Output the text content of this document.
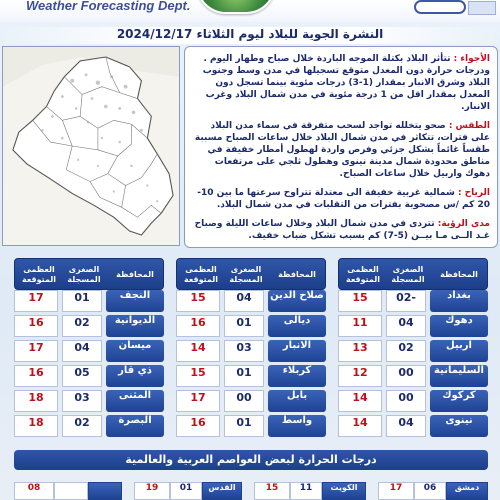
Weather Forecasting Dept.
النشرة الجوية للبلاد ليوم الثلاثاء 2024/12/17
الأجواء : تتأثر البلاد بكتلة الموجه الباردة خلال صباح وطهار اليوم . ودرجات حرارة دون المعدل متوقع تسجيلها في مدن وسط وجنوب البلاد وشرق الانبار بمقدار (1-3) درجات مئوية بينما تسجل دون المعدل بمقدار اقل من 1 درجة مئوية في مدن شمال البلاد وغرب الانبار.
الطقس : صحو يتخلله تواجد لسحب متفرقة في سماء مدن البلاد على فترات، تتكاثر في مدن شمال البلاد خلال ساعات الصباح مسببة طقساً غائماً بشكل جزئي وفرص واردة لهطول أمطار خفيفة في مناطق محدودة شمال مدينة نينوى وهطول ثلجي على مرتفعات دهوك واربيل خلال ساعات الصباح.
الرياح : شمالية غربية خفيفة الى معتدلة تتراوح سرعتها ما بين 10-20 كم /س مصحوبة بفترات من التقلبات في مدن شمال البلاد.
مدى الرؤية: تتردى في مدن شمال البلاد وخلال ساعات الليلة وصباح غـد الــى مـا بيــن (5-7) كم بسبب تشكل ضباب خفيف.
العظمى المتوقعة
الصغرى المسجلة
المحافظة
17	01	النجف
16	02	الديوانية
17	04	ميسان
16	05	ذي قار
18	03	المثنى
18	02	البصرة
العظمى المتوقعة
الصغرى المسجلة
المحافظة
15	04	صلاح الدين
16	01	ديالى
14	03	الانبار
15	01	كربلاء
17	00	بابل
16	01	واسط
العظمى المتوقعة
الصغرى المسجلة
المحافظة
15	02-	بغداد
11	04	دهوك
13	02	اربيل
12	00	السليمانية
14	00	كركوك
14	04	نينوى
درجات الحرارة لبعض العواصم العربية والعالمية
08	19	01	القدس	15	11	الكويت	17	06	دمشق
